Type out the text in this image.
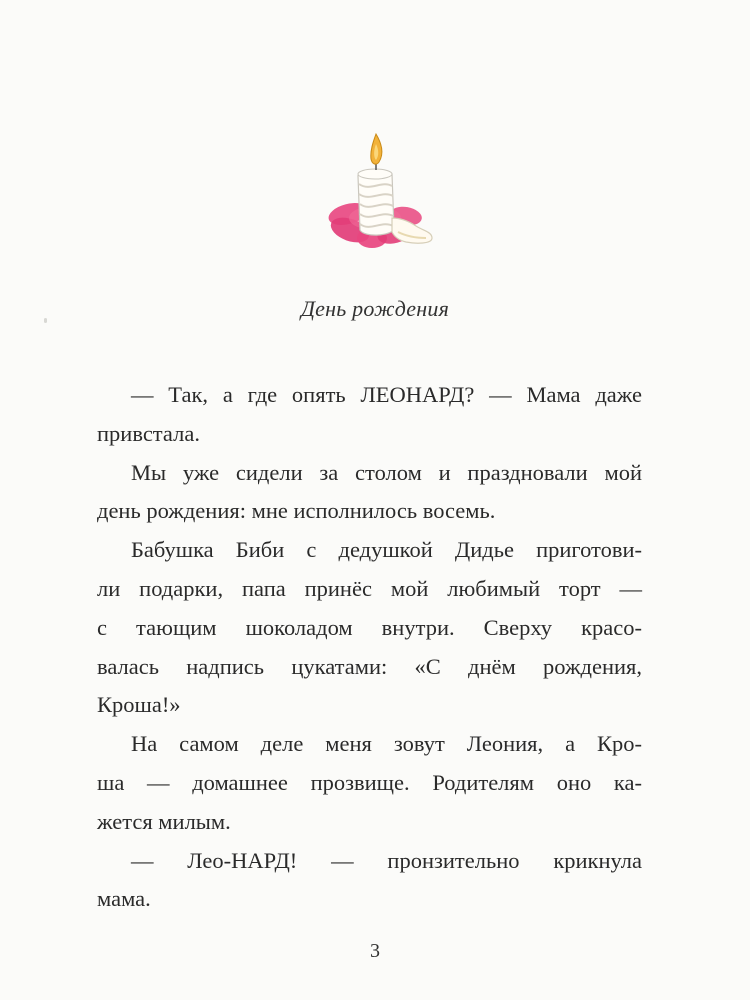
День рождения
— Так, а где опять ЛЕОНАРД? — Мама даже
привстала.
Мы уже сидели за столом и праздновали мой
день рождения: мне исполнилось восемь.
Бабушка Биби с дедушкой Дидье приготови-
ли подарки, папа принёс мой любимый торт —
с тающим шоколадом внутри. Сверху красо-
валась надпись цукатами: «С днём рождения,
Кроша!»
На самом деле меня зовут Леония, а Кро-
ша — домашнее прозвище. Родителям оно ка-
жется милым.
— Лео-НАРД! — пронзительно крикнула
мама.
3
